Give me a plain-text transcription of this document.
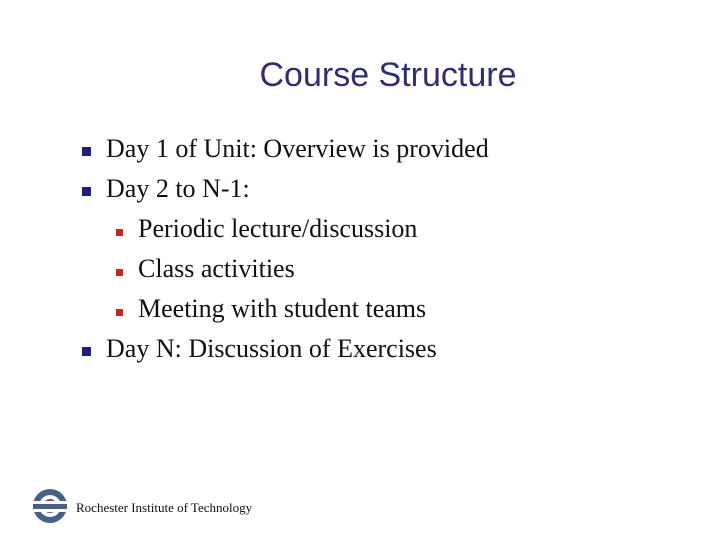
Course Structure
Day 1 of Unit: Overview is provided
Day 2 to N-1:
Periodic lecture/discussion
Class activities
Meeting with student teams
Day N: Discussion of Exercises
Rochester Institute of Technology
